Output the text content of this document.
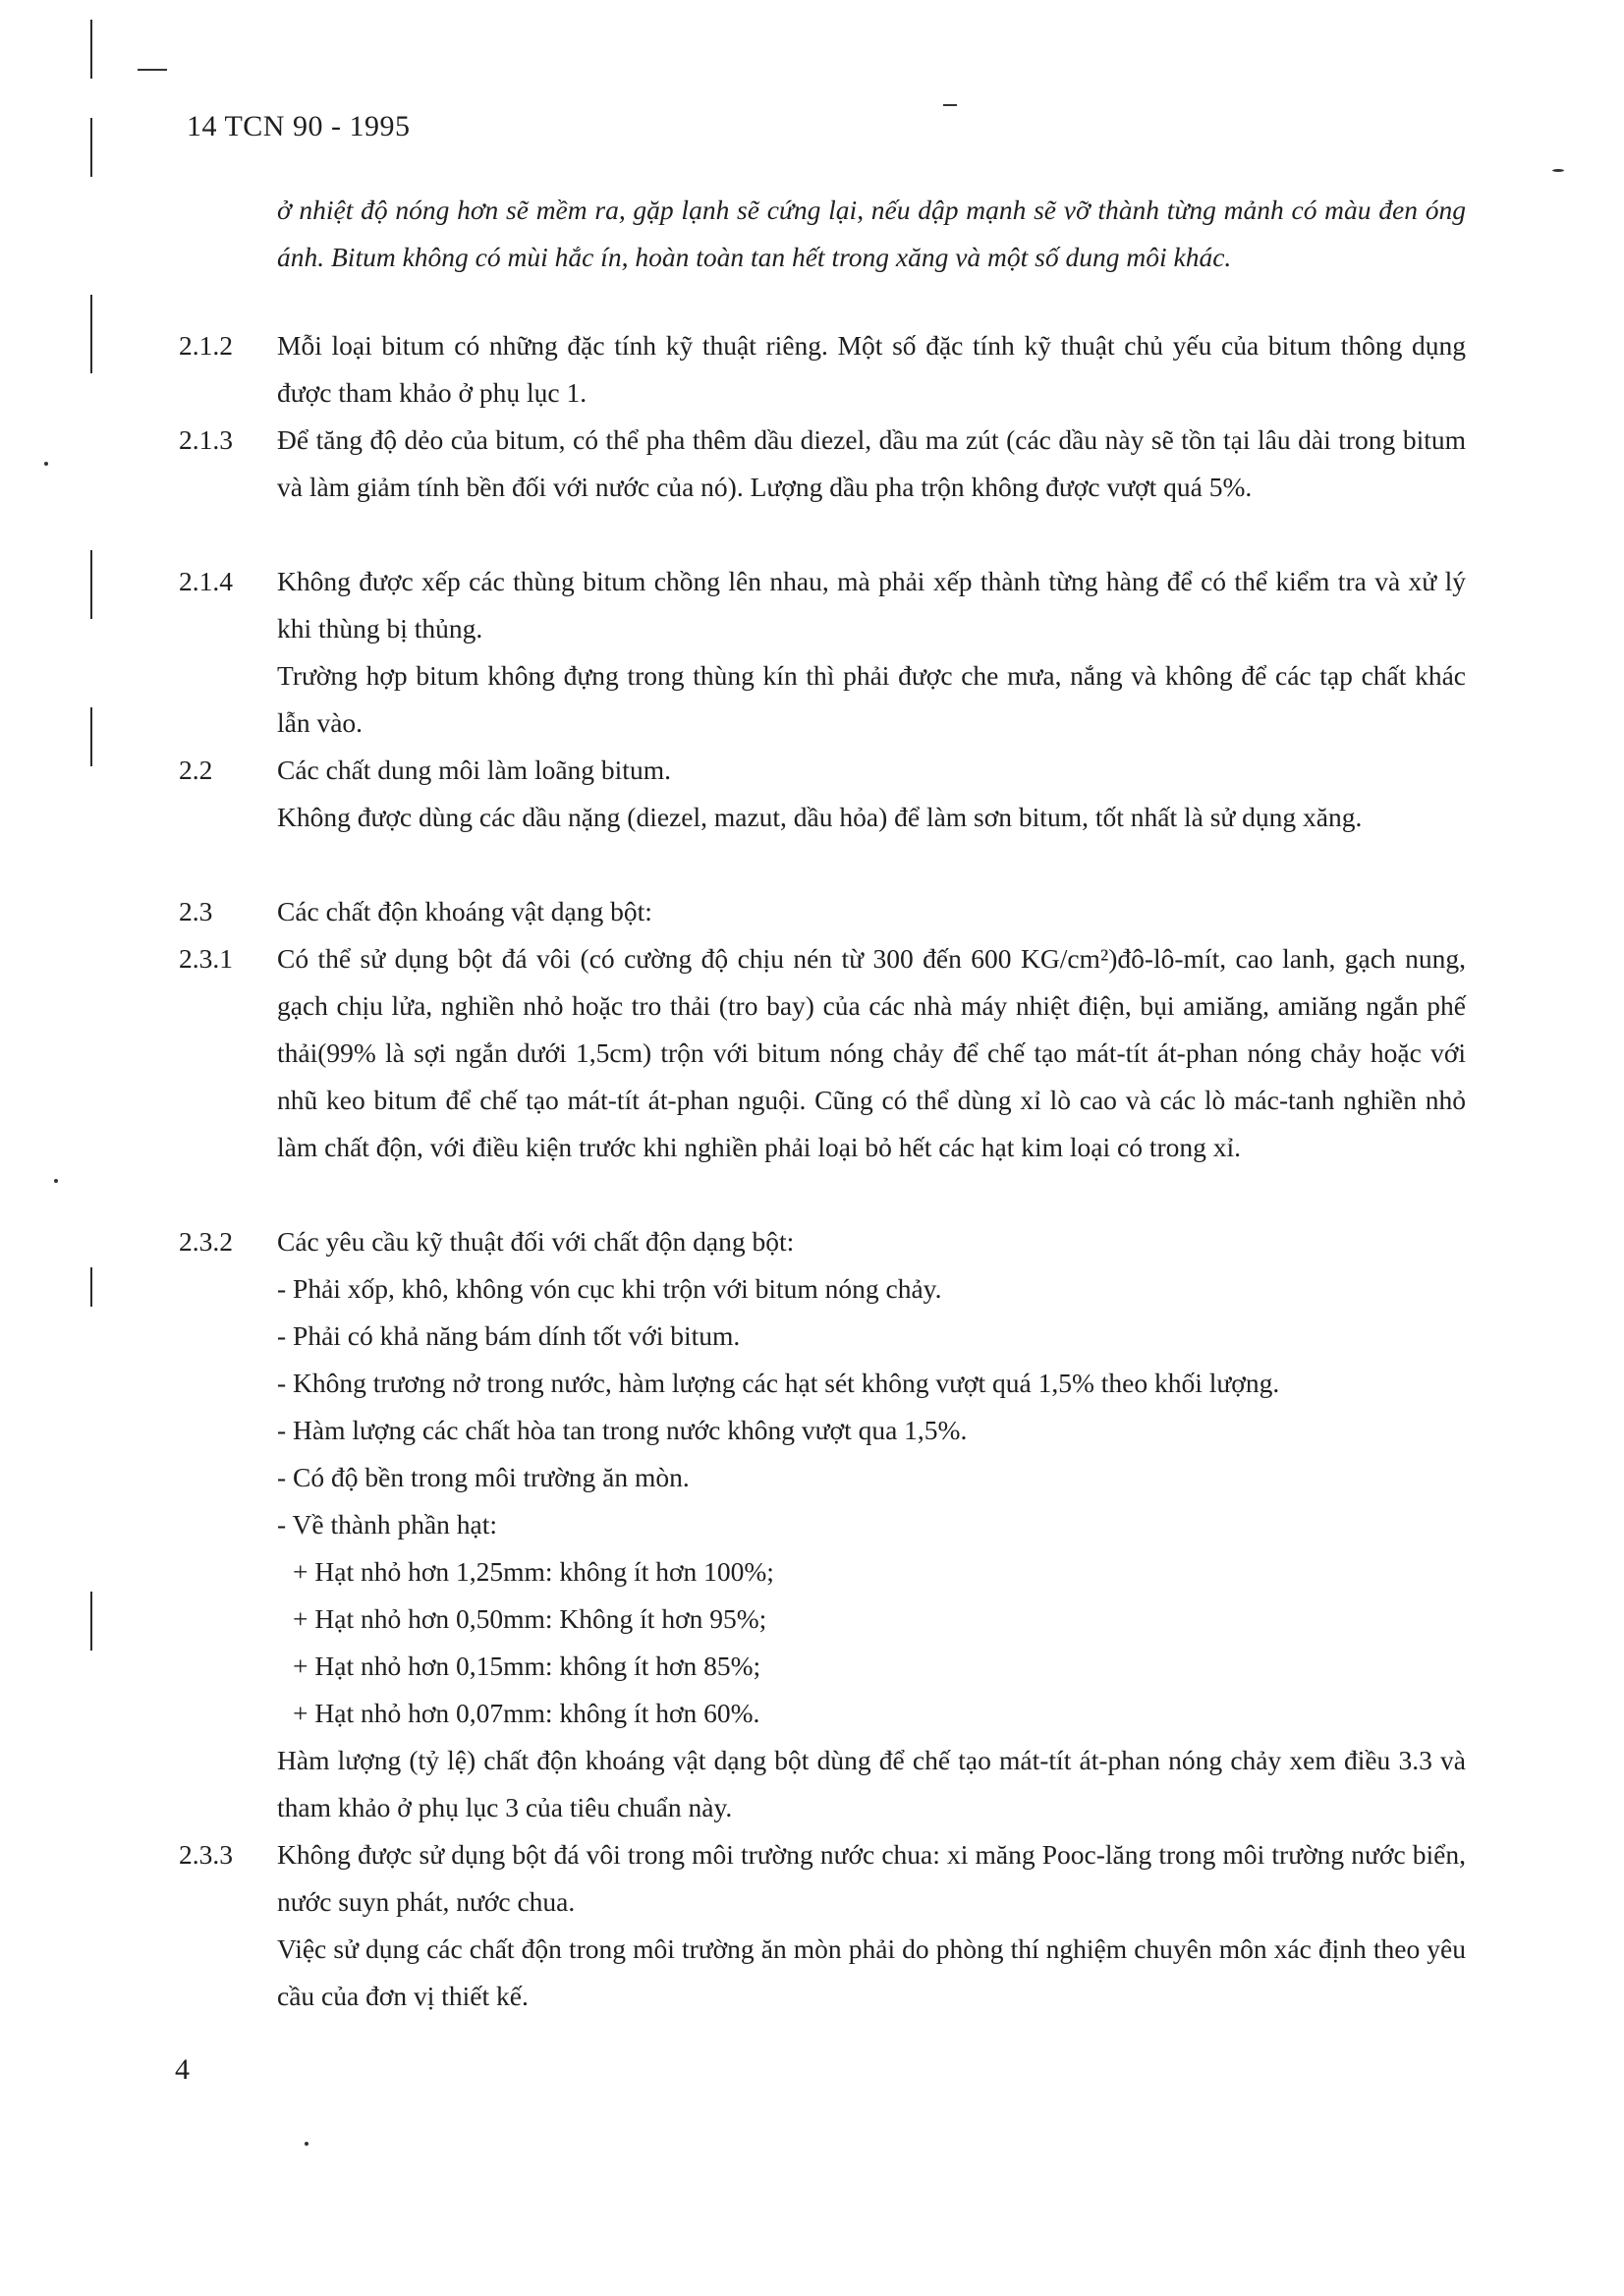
14 TCN 90 - 1995
ở nhiệt độ nóng hơn sẽ mềm ra, gặp lạnh sẽ cứng lại, nếu dập mạnh sẽ vỡ thành từng mảnh có màu đen óng ánh. Bitum không có mùi hắc ín, hoàn toàn tan hết trong xăng và một số dung môi khác.
2.1.2 Mỗi loại bitum có những đặc tính kỹ thuật riêng. Một số đặc tính kỹ thuật chủ yếu của bitum thông dụng được tham khảo ở phụ lục 1.
2.1.3 Để tăng độ dẻo của bitum, có thể pha thêm dầu diezel, dầu ma zút (các dầu này sẽ tồn tại lâu dài trong bitum và làm giảm tính bền đối với nước của nó). Lượng dầu pha trộn không được vượt quá 5%.
2.1.4 Không được xếp các thùng bitum chồng lên nhau, mà phải xếp thành từng hàng để có thể kiểm tra và xử lý khi thùng bị thủng.
Trường hợp bitum không đựng trong thùng kín thì phải được che mưa, nắng và không để các tạp chất khác lẫn vào.
2.2 Các chất dung môi làm loãng bitum.
Không được dùng các dầu nặng (diezel, mazut, dầu hỏa) để làm sơn bitum, tốt nhất là sử dụng xăng.
2.3 Các chất độn khoáng vật dạng bột:
2.3.1 Có thể sử dụng bột đá vôi (có cường độ chịu nén từ 300 đến 600 KG/cm²)đô-lô-mít, cao lanh, gạch nung, gạch chịu lửa, nghiền nhỏ hoặc tro thải (tro bay) của các nhà máy nhiệt điện, bụi amiăng, amiăng ngắn phế thải(99% là sợi ngắn dưới 1,5cm) trộn với bitum nóng chảy để chế tạo mát-tít át-phan nóng chảy hoặc với nhũ keo bitum để chế tạo mát-tít át-phan nguội. Cũng có thể dùng xỉ lò cao và các lò mác-tanh nghiền nhỏ làm chất độn, với điều kiện trước khi nghiền phải loại bỏ hết các hạt kim loại có trong xỉ.
2.3.2 Các yêu cầu kỹ thuật đối với chất độn dạng bột:
- Phải xốp, khô, không vón cục khi trộn với bitum nóng chảy.
- Phải có khả năng bám dính tốt với bitum.
- Không trương nở trong nước, hàm lượng các hạt sét không vượt quá 1,5% theo khối lượng.
- Hàm lượng các chất hòa tan trong nước không vượt qua 1,5%.
- Có độ bền trong môi trường ăn mòn.
- Về thành phần hạt:
+ Hạt nhỏ hơn 1,25mm: không ít hơn 100%;
+ Hạt nhỏ hơn 0,50mm: Không ít hơn 95%;
+ Hạt nhỏ hơn 0,15mm: không ít hơn 85%;
+ Hạt nhỏ hơn 0,07mm: không ít hơn 60%.
Hàm lượng (tỷ lệ) chất độn khoáng vật dạng bột dùng để chế tạo mát-tít át-phan nóng chảy xem điều 3.3 và tham khảo ở phụ lục 3 của tiêu chuẩn này.
2.3.3 Không được sử dụng bột đá vôi trong môi trường nước chua: xi măng Pooc-lăng trong môi trường nước biển, nước suyn phát, nước chua.
Việc sử dụng các chất độn trong môi trường ăn mòn phải do phòng thí nghiệm chuyên môn xác định theo yêu cầu của đơn vị thiết kế.
4
